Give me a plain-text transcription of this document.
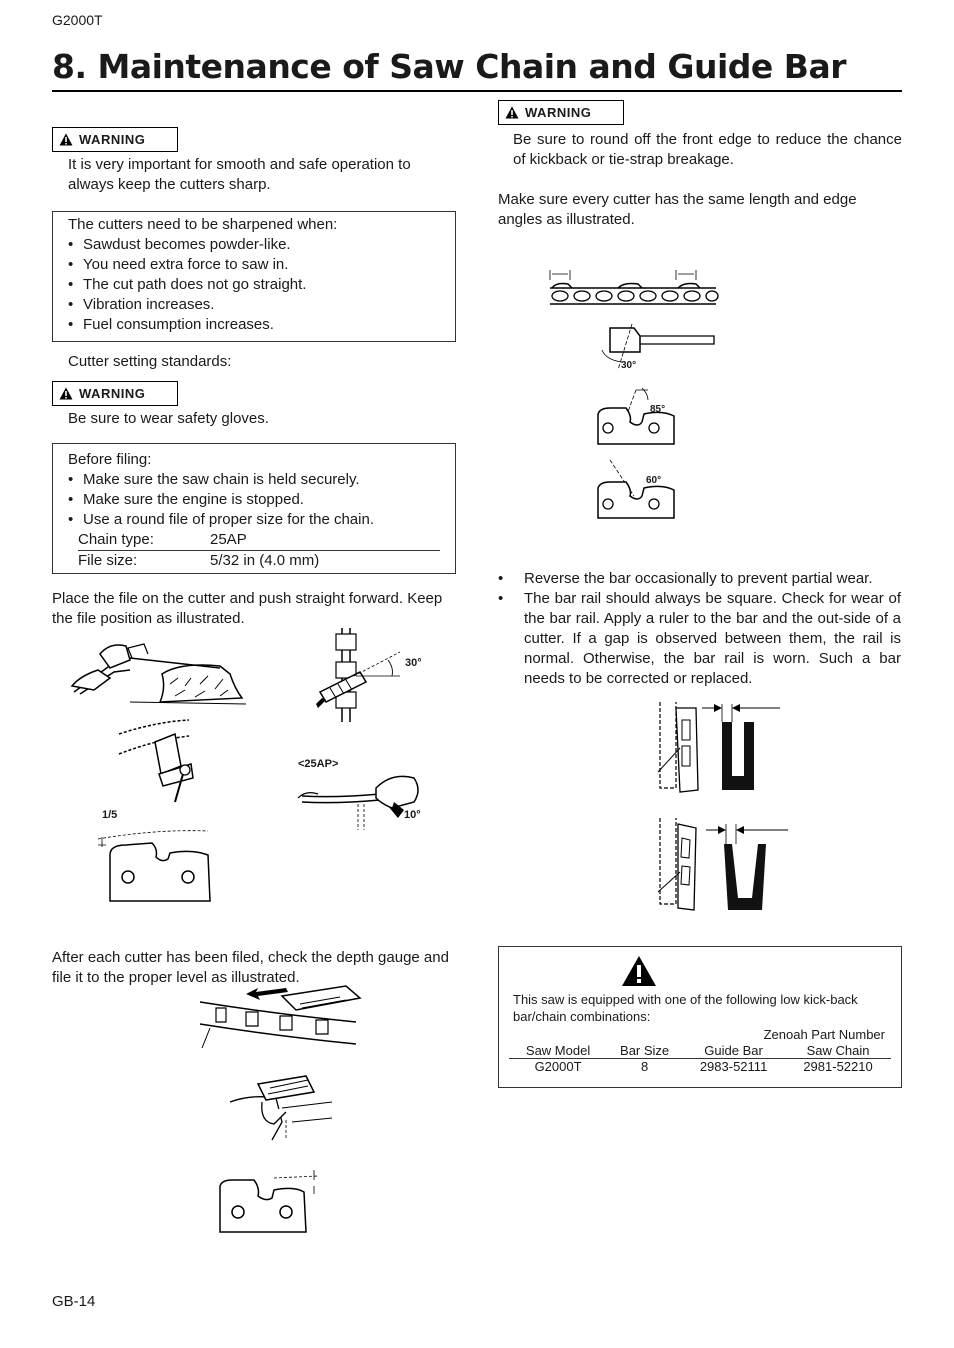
G2000T
8. Maintenance of Saw Chain and Guide Bar
WARNING
It is very important for smooth and safe operation to always keep the cutters sharp.
The cutters need to be sharpened when:
• Sawdust becomes powder-like.
• You need extra force to saw in.
• The cut path does not go straight.
• Vibration increases.
• Fuel consumption increases.
Cutter setting standards:
WARNING
Be sure to wear safety gloves.
Before filing:
• Make sure the saw chain is held securely.
• Make sure the engine is stopped.
• Use a round file of proper size for the chain.
Chain type:	25AP
File size:	5/32 in (4.0 mm)
Place the file on the cutter and push straight forward. Keep the file position as illustrated.
1/5
30°
<25AP>
10°
After each cutter has been filed, check the depth gauge and file it to the proper level as illustrated.
WARNING
Be sure to round off the front edge to reduce the chance of kickback or tie-strap breakage.
Make sure every cutter has the same length and edge angles as illustrated.
30°
85°
60°
• Reverse the bar occasionally to prevent partial wear.
• The bar rail should always be square. Check for wear of the bar rail. Apply a ruler to the bar and the out-side of a cutter. If a gap is observed between them, the rail is normal. Otherwise, the bar rail is worn. Such a bar needs to be corrected or replaced.
This saw is equipped with one of the following low kick-back bar/chain combinations:
Zenoah Part Number
Saw Model	Bar Size	Guide Bar	Saw Chain
G2000T	8	2983-52111	2981-52210
GB-14
